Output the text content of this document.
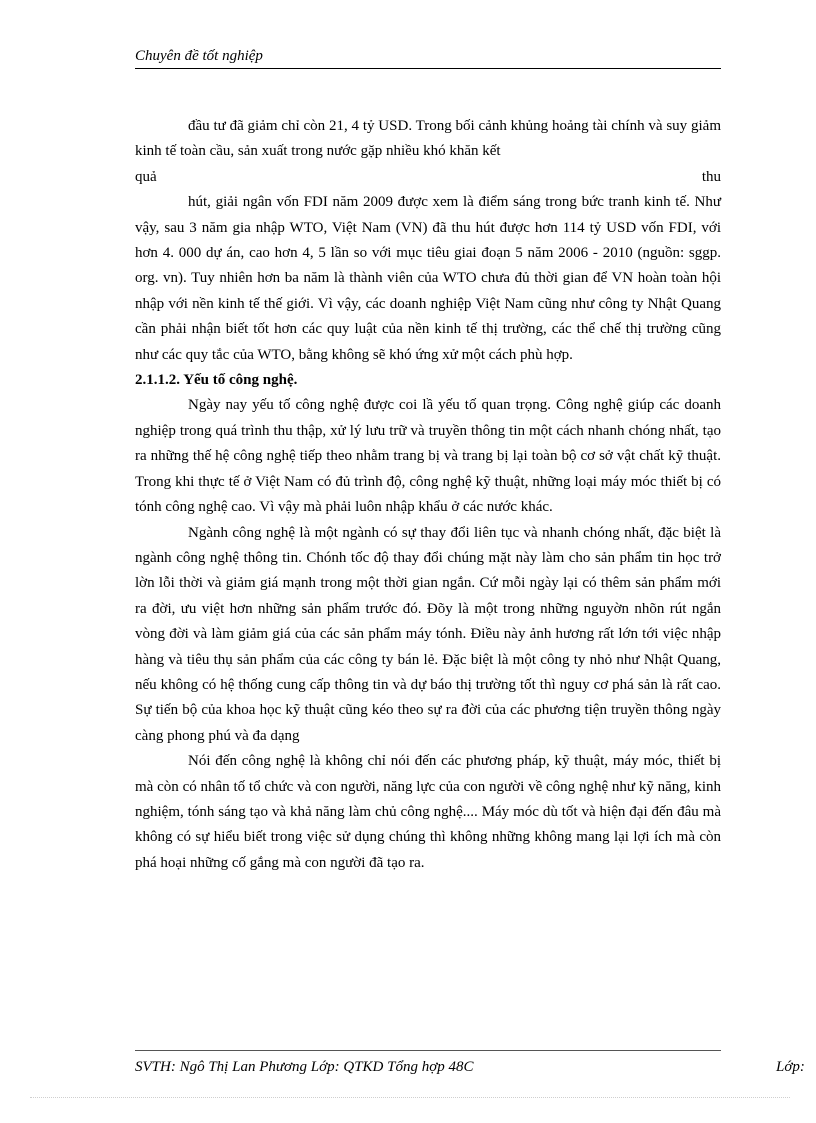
Chuyên đề tốt nghiệp

đầu tư đã giảm chỉ còn 21, 4 tỷ USD. Trong bối cảnh khủng hoảng tài chính và suy giảm kinh tế toàn cầu, sản xuất trong nước gặp nhiều khó khăn kết

quả	thu

hút, giải ngân vốn FDI năm 2009 được xem là điểm sáng trong bức tranh kinh tế. Như vậy, sau 3 năm gia nhập WTO, Việt Nam (VN) đã thu hút được hơn 114 tỷ USD vốn FDI, với hơn 4. 000 dự án, cao hơn 4, 5 lần so với mục tiêu giai đoạn 5 năm 2006 - 2010 (nguồn: sggp. org. vn). Tuy nhiên hơn ba năm là thành viên của WTO chưa đủ thời gian để VN hoàn toàn hội nhập với nền kinh tế thế giới. Vì vậy, các doanh nghiệp Việt Nam cũng như công ty Nhật Quang cần phải nhận biết tốt hơn các quy luật của nền kinh tế thị trường, các thể chế thị trường cũng như các quy tắc của WTO, bằng không sẽ khó ứng xử một cách phù hợp.

2.1.1.2. Yếu tố công nghệ.

Ngày nay yếu tố công nghệ được coi lầ yếu tố quan trọng. Công nghệ giúp các doanh nghiệp trong quá trình thu thập, xử lý lưu trữ và truyền thông tin một cách nhanh chóng nhất, tạo ra những thế hệ công nghệ tiếp theo nhằm trang bị và trang bị lại toàn bộ cơ sở vật chất kỹ thuật. Trong khi thực tế ở Việt Nam có đủ trình độ, công nghệ kỹ thuật, những loại máy móc thiết bị có tónh công nghệ cao. Vì vậy mà phải luôn nhập khẩu ở các nước khác.

Ngành công nghệ là một ngành có sự thay đổi liên tục và nhanh chóng nhất, đặc biệt là ngành công nghệ thông tin. Chónh tốc độ thay đổi chúng mặt này làm cho sản phẩm tin học trở lờn lỗi thời và giảm giá mạnh trong một thời gian ngắn. Cứ mỗi ngày lại có thêm sản phẩm mới ra đời, ưu việt hơn những sản phẩm trước đó. Đõy là một trong những nguyờn nhõn rút ngắn vòng đời và làm giảm giá của các sản phẩm máy tónh. Điều này ảnh hương rất lớn tới việc nhập hàng và tiêu thụ sản phẩm của các công ty bán lẻ. Đặc biệt là một công ty nhỏ như Nhật Quang, nếu không có hệ thống cung cấp thông tin và dự báo thị trường tốt thì nguy cơ phá sản là rất cao. Sự tiến bộ của khoa học kỹ thuật cũng kéo theo sự ra đời của các phương tiện truyền thông ngày càng phong phú và đa dạng

Nói đến công nghệ là không chỉ nói đến các phương pháp, kỹ thuật, máy móc, thiết bị mà còn có nhân tố tổ chức và con người, năng lực của con người về công nghệ như kỹ năng, kinh nghiệm, tónh sáng tạo và khả năng làm chủ công nghệ.... Máy móc dù tốt và hiện đại đến đâu mà không có sự hiểu biết trong việc sử dụng chúng thì không những không mang lại lợi ích mà còn phá hoại những cố gắng mà con người đã tạo ra.

SVTH: Ngô Thị Lan Phương Lớp: QTKD Tổng hợp 48C	Lớp:
